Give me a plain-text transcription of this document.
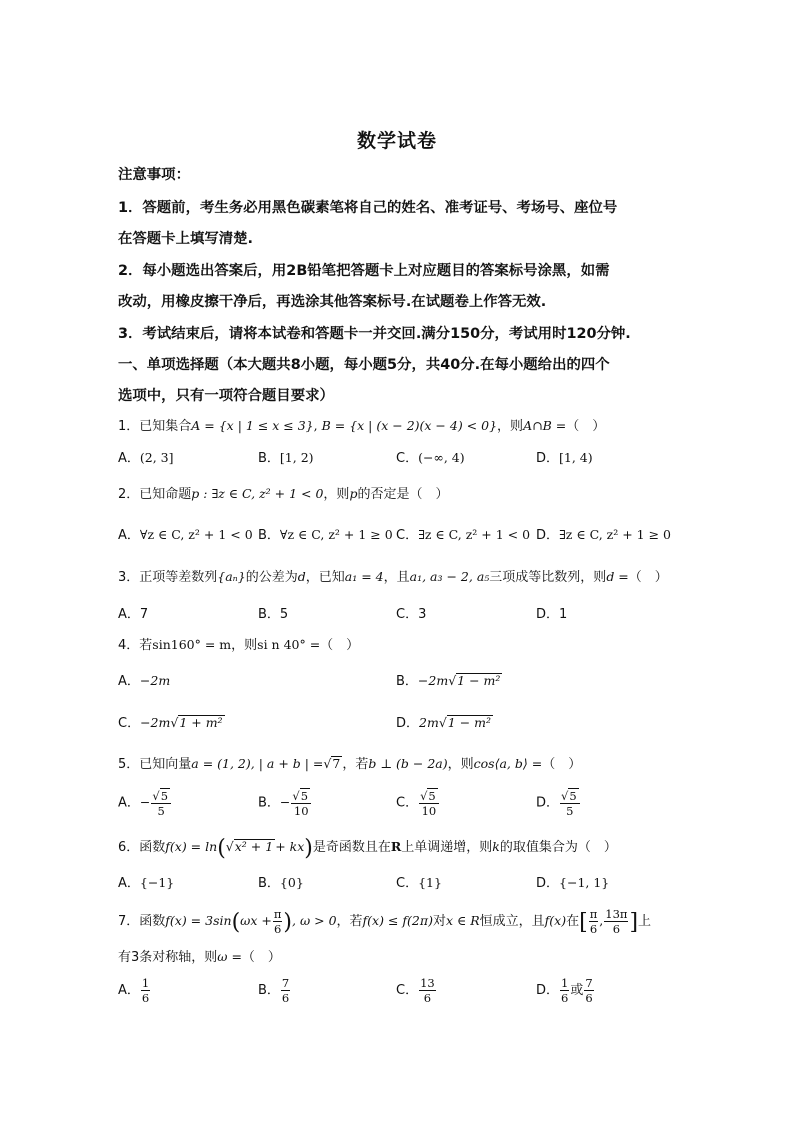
数学试卷
注意事项：
1．答题前，考生务必用黑色碳素笔将自己的姓名、准考证号、考场号、座位号
在答题卡上填写清楚.
2．每小题选出答案后，用2B铅笔把答题卡上对应题目的答案标号涂黑，如需
改动，用橡皮擦干净后，再选涂其他答案标号.在试题卷上作答无效.
3．考试结束后，请将本试卷和答题卡一并交回.满分150分，考试用时120分钟.
一、单项选择题（本大题共8小题，每小题5分，共40分.在每小题给出的四个
选项中，只有一项符合题目要求）
1．已知集合A = {x | 1 ≤ x ≤ 3}, B = {x | (x − 2)(x − 4) < 0}，则A∩B =（　）
A．(2, 3]	B．[1, 2)	C．(−∞, 4)	D．[1, 4)
2．已知命题p : ∃z ∈ C, z² + 1 < 0，则p的否定是（　）
A．∀z ∈ C, z² + 1 < 0 B．∀z ∈ C, z² + 1 ≥ 0 C．∃z ∈ C, z² + 1 < 0 D．∃z ∈ C, z² + 1 ≥ 0
3．正项等差数列{aₙ}的公差为d，已知a₁ = 4，且a₁, a₃ − 2, a₅三项成等比数列，则d =（　）
A．7	B．5	C．3	D．1
4．若sin160° = m，则si n 40° =（　）
A．−2m	B．−2m√1 − m²
C．−2m√1 + m²	D．2m√1 − m²
5．已知向量a = (1, 2), | a + b | =√7 ，若b ⊥ (b − 2a)，则cos⟨a, b⟩ =（　）
A．− $\frac{√5}{5}$	B．− $\frac{√5}{10}$	C． $\frac{√5}{10}$	D． $\frac{√5}{5}$
6．函数f(x) = ln(√x² + 1 + kx)是奇函数且在R上单调递增，则k的取值集合为（　）
A．{−1}	B．{0}	C．{1}	D．{−1, 1}
7．函数$f(x) = 3\sin(\omega x + \frac{\pi}{6}$ ), ω > 0，若f(x) ≤ f(2π)对x ∈ R恒成立，且f(x)在[ $\frac{\pi}{6}$ , $\frac{13\pi}{6}$ ]上
有3条对称轴，则ω =（　）
A． $\frac{1}{6}$	B． $\frac{7}{6}$	C． $\frac{13}{6}$	D． $\frac{1}{6}$ 或 $\frac{7}{6}$
